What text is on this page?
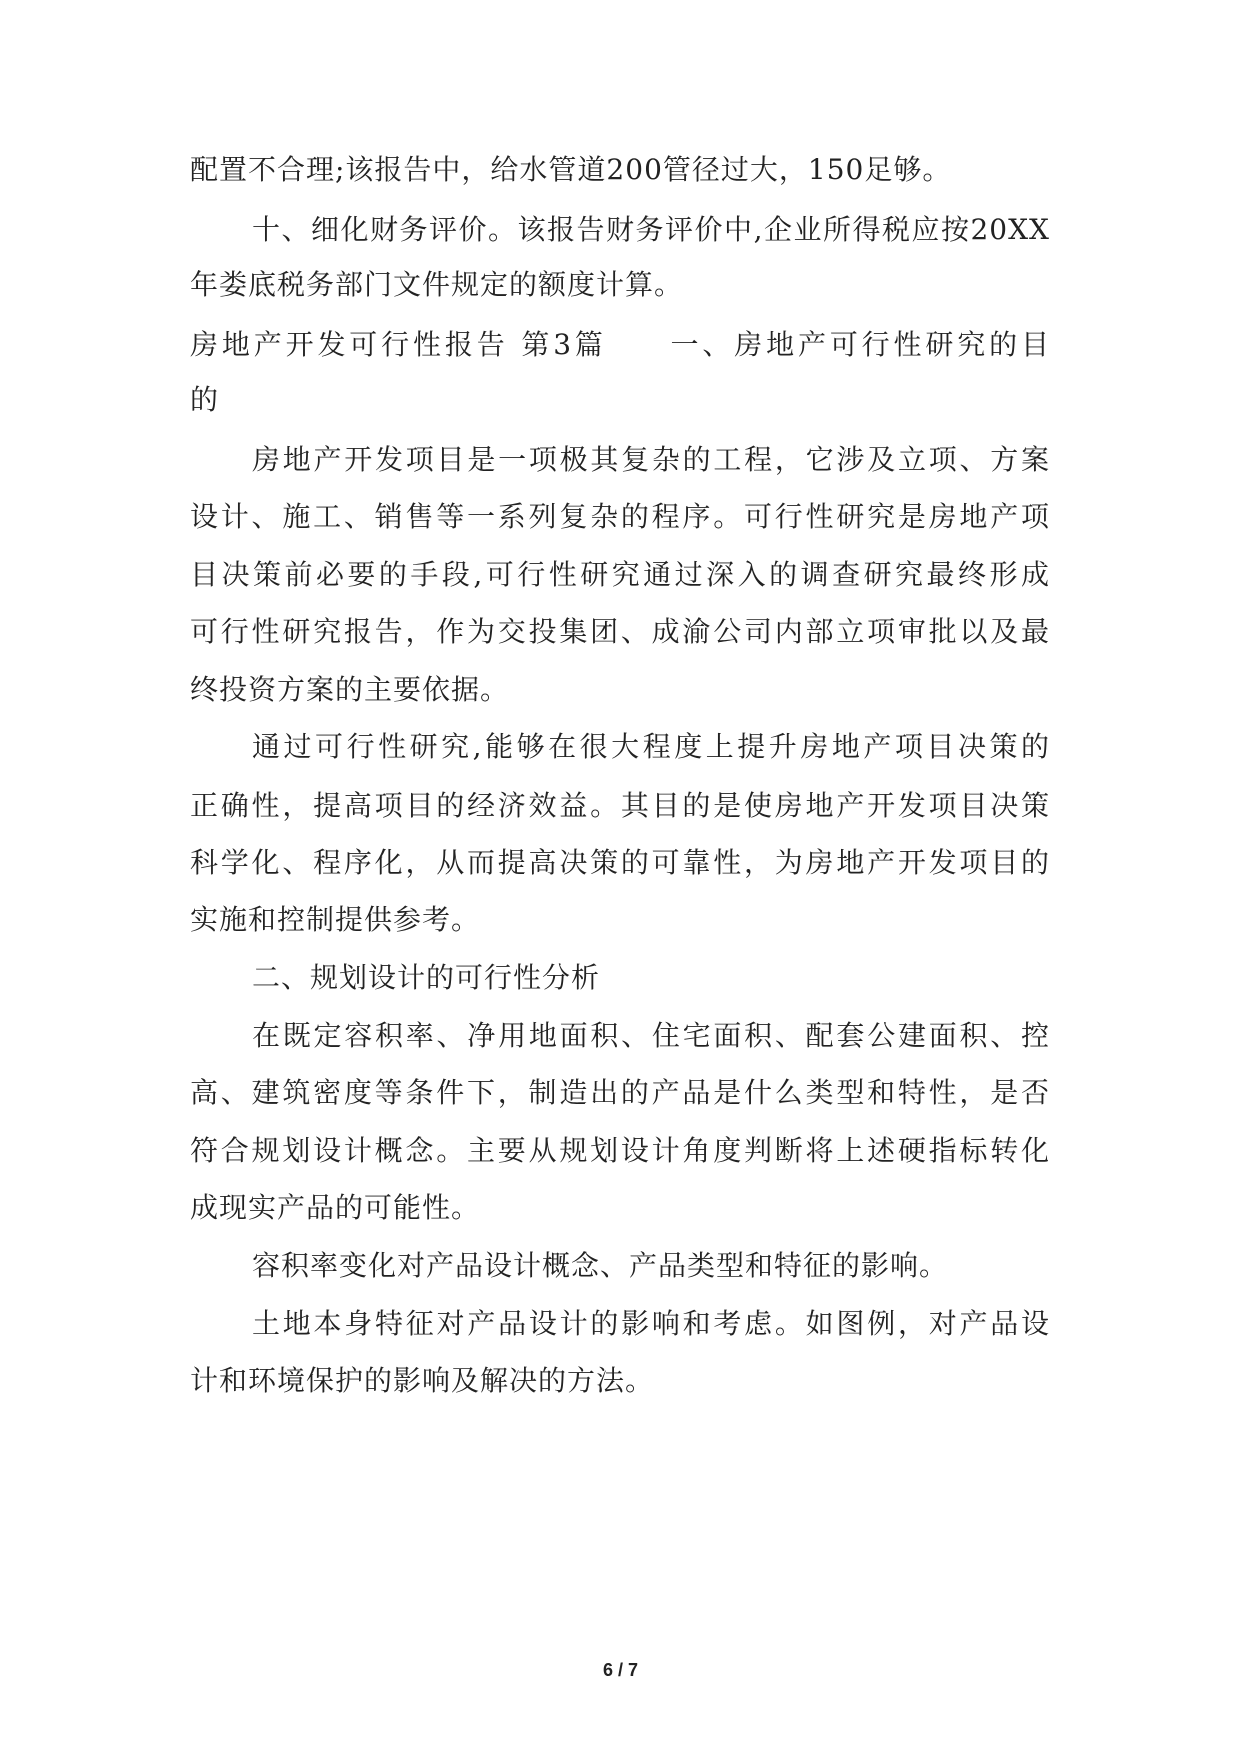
配置不合理;该报告中，给水管道200管径过大，150足够。
十、细化财务评价。该报告财务评价中,企业所得税应按20XX
年娄底税务部门文件规定的额度计算。
房地产开发可行性报告 第3篇　　一、房地产可行性研究的目
的
房地产开发项目是一项极其复杂的工程，它涉及立项、方案
设计、施工、销售等一系列复杂的程序。可行性研究是房地产项
目决策前必要的手段,可行性研究通过深入的调查研究最终形成
可行性研究报告，作为交投集团、成渝公司内部立项审批以及最
终投资方案的主要依据。
通过可行性研究,能够在很大程度上提升房地产项目决策的
正确性，提高项目的经济效益。其目的是使房地产开发项目决策
科学化、程序化，从而提高决策的可靠性，为房地产开发项目的
实施和控制提供参考。
二、规划设计的可行性分析
在既定容积率、净用地面积、住宅面积、配套公建面积、控
高、建筑密度等条件下，制造出的产品是什么类型和特性，是否
符合规划设计概念。主要从规划设计角度判断将上述硬指标转化
成现实产品的可能性。
容积率变化对产品设计概念、产品类型和特征的影响。
土地本身特征对产品设计的影响和考虑。如图例，对产品设
计和环境保护的影响及解决的方法。
6 / 7
